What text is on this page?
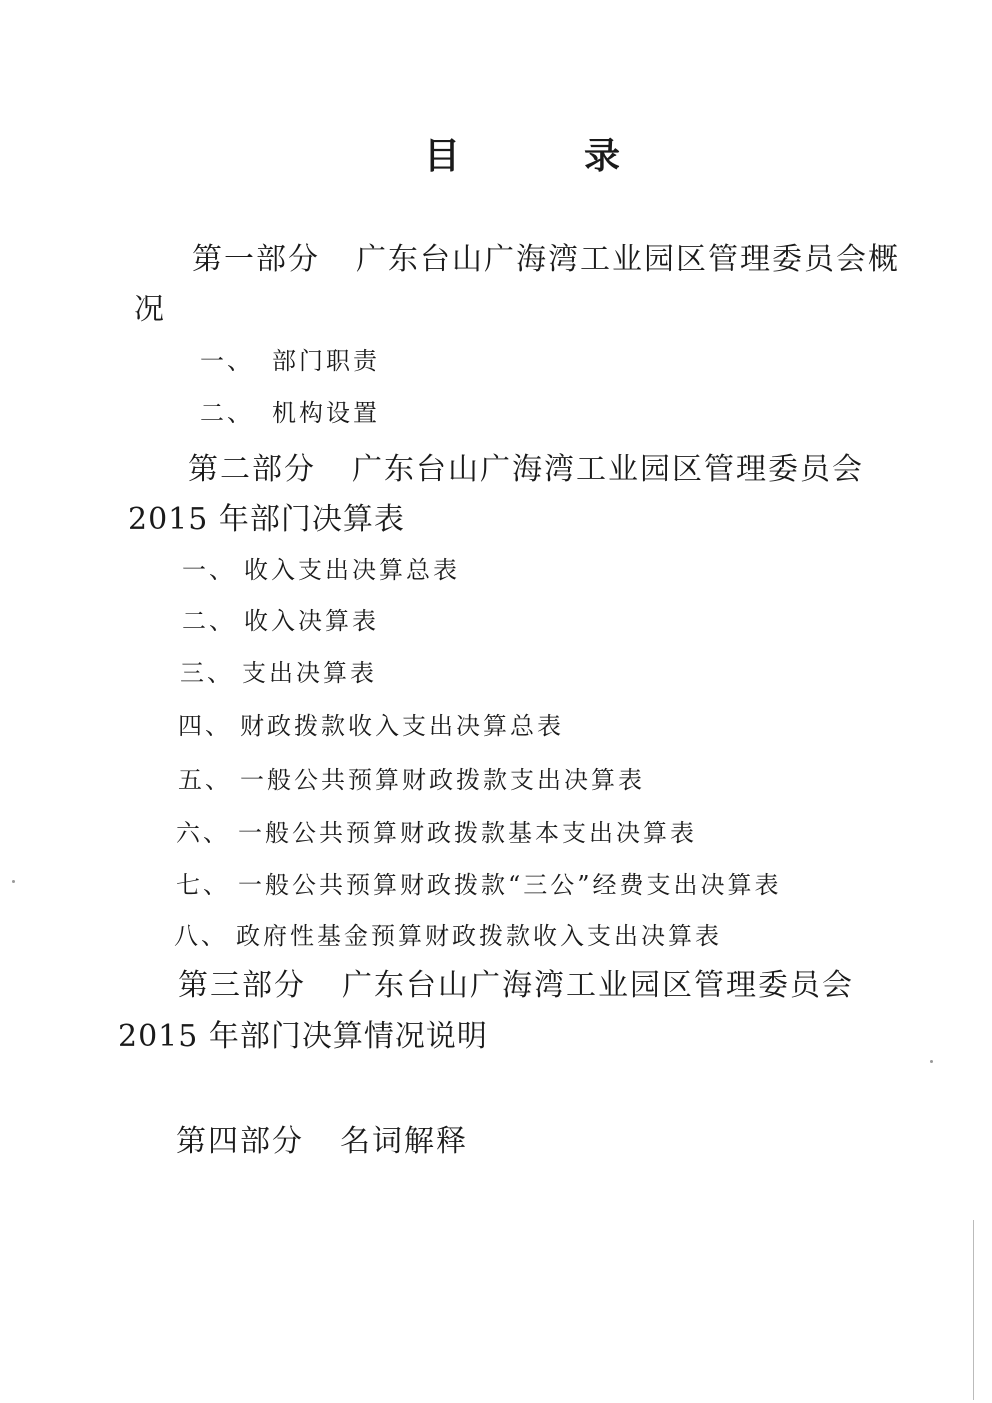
目	录
第一部分 广东台山广海湾工业园区管理委员会概
况
一、 部门职责
二、 机构设置
第二部分 广东台山广海湾工业园区管理委员会
2015 年部门决算表
一、 收入支出决算总表
二、 收入决算表
三、 支出决算表
四、 财政拨款收入支出决算总表
五、 一般公共预算财政拨款支出决算表
六、 一般公共预算财政拨款基本支出决算表
七、 一般公共预算财政拨款“三公”经费支出决算表
八、 政府性基金预算财政拨款收入支出决算表
第三部分 广东台山广海湾工业园区管理委员会
2015 年部门决算情况说明
第四部分 名词解释
